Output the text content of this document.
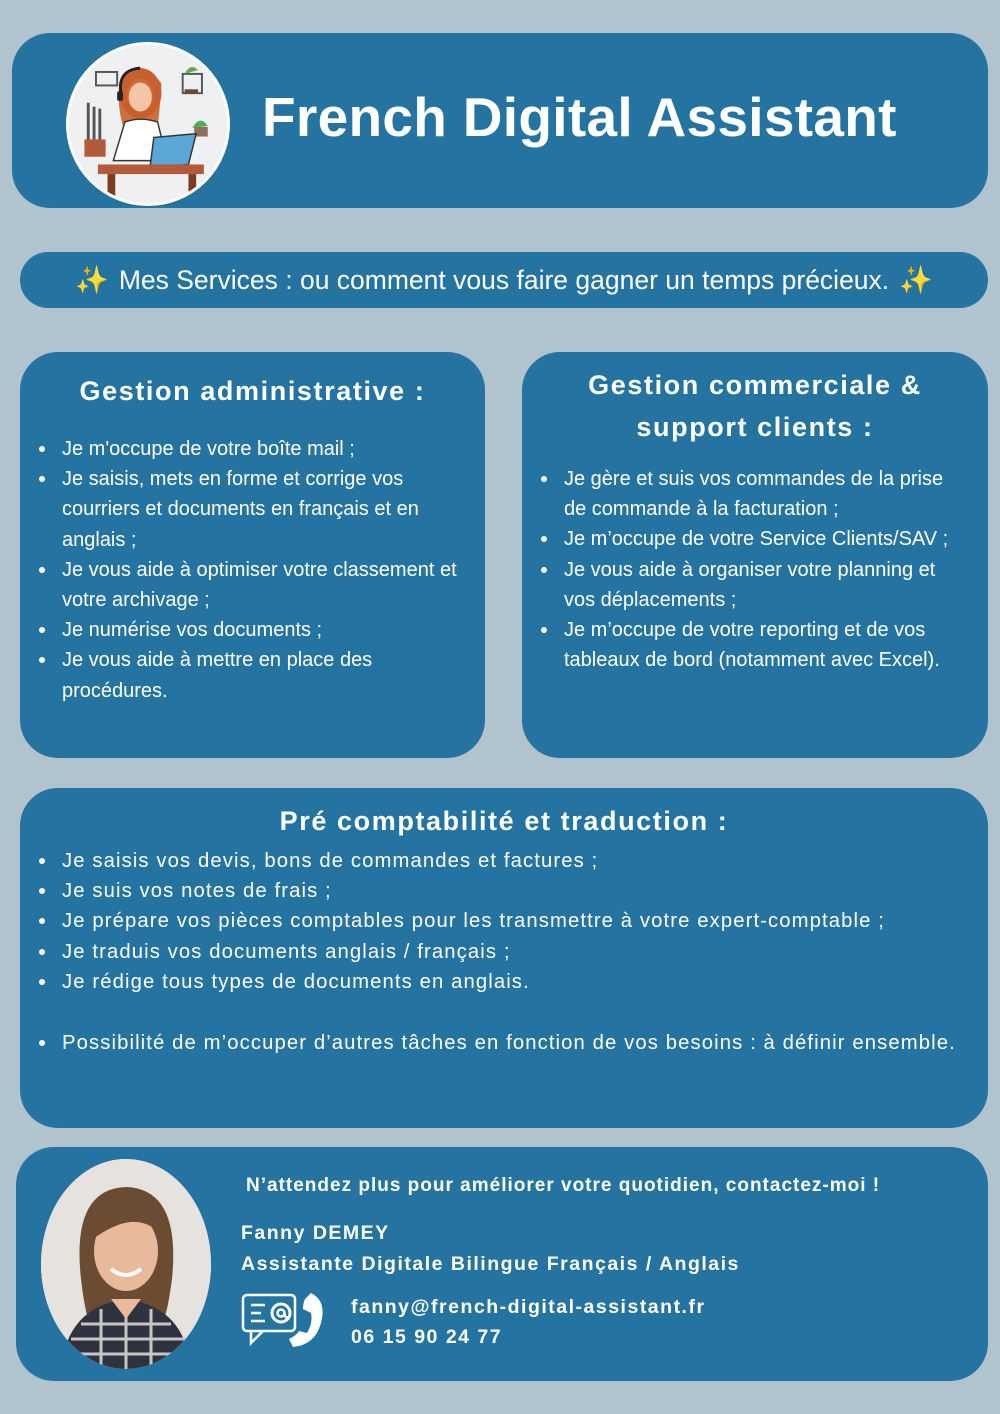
French Digital Assistant
✨ Mes Services : ou comment vous faire gagner un temps précieux. ✨
Gestion administrative :
Je m'occupe de votre boîte mail ;
Je saisis, mets en forme et corrige vos courriers et documents en français et en anglais ;
Je vous aide à optimiser votre classement et votre archivage ;
Je numérise vos documents ;
Je vous aide à mettre en place des procédures.
Gestion commerciale &
support clients :
Je gère et suis vos commandes de la prise de commande à la facturation ;
Je m’occupe de votre Service Clients/SAV ;
Je vous aide à organiser votre planning et vos déplacements ;
Je m’occupe de votre reporting et de vos tableaux de bord (notamment avec Excel).
Pré comptabilité et traduction :
Je saisis vos devis, bons de commandes et factures ;
Je suis vos notes de frais ;
Je prépare vos pièces comptables pour les transmettre à votre expert-comptable ;
Je traduis vos documents anglais / français ;
Je rédige tous types de documents en anglais.
Possibilité de m’occuper d’autres tâches en fonction de vos besoins : à définir ensemble.
N’attendez plus pour améliorer votre quotidien, contactez-moi !
Fanny DEMEY
Assistante Digitale Bilingue Français / Anglais
fanny@french-digital-assistant.fr
06 15 90 24 77
